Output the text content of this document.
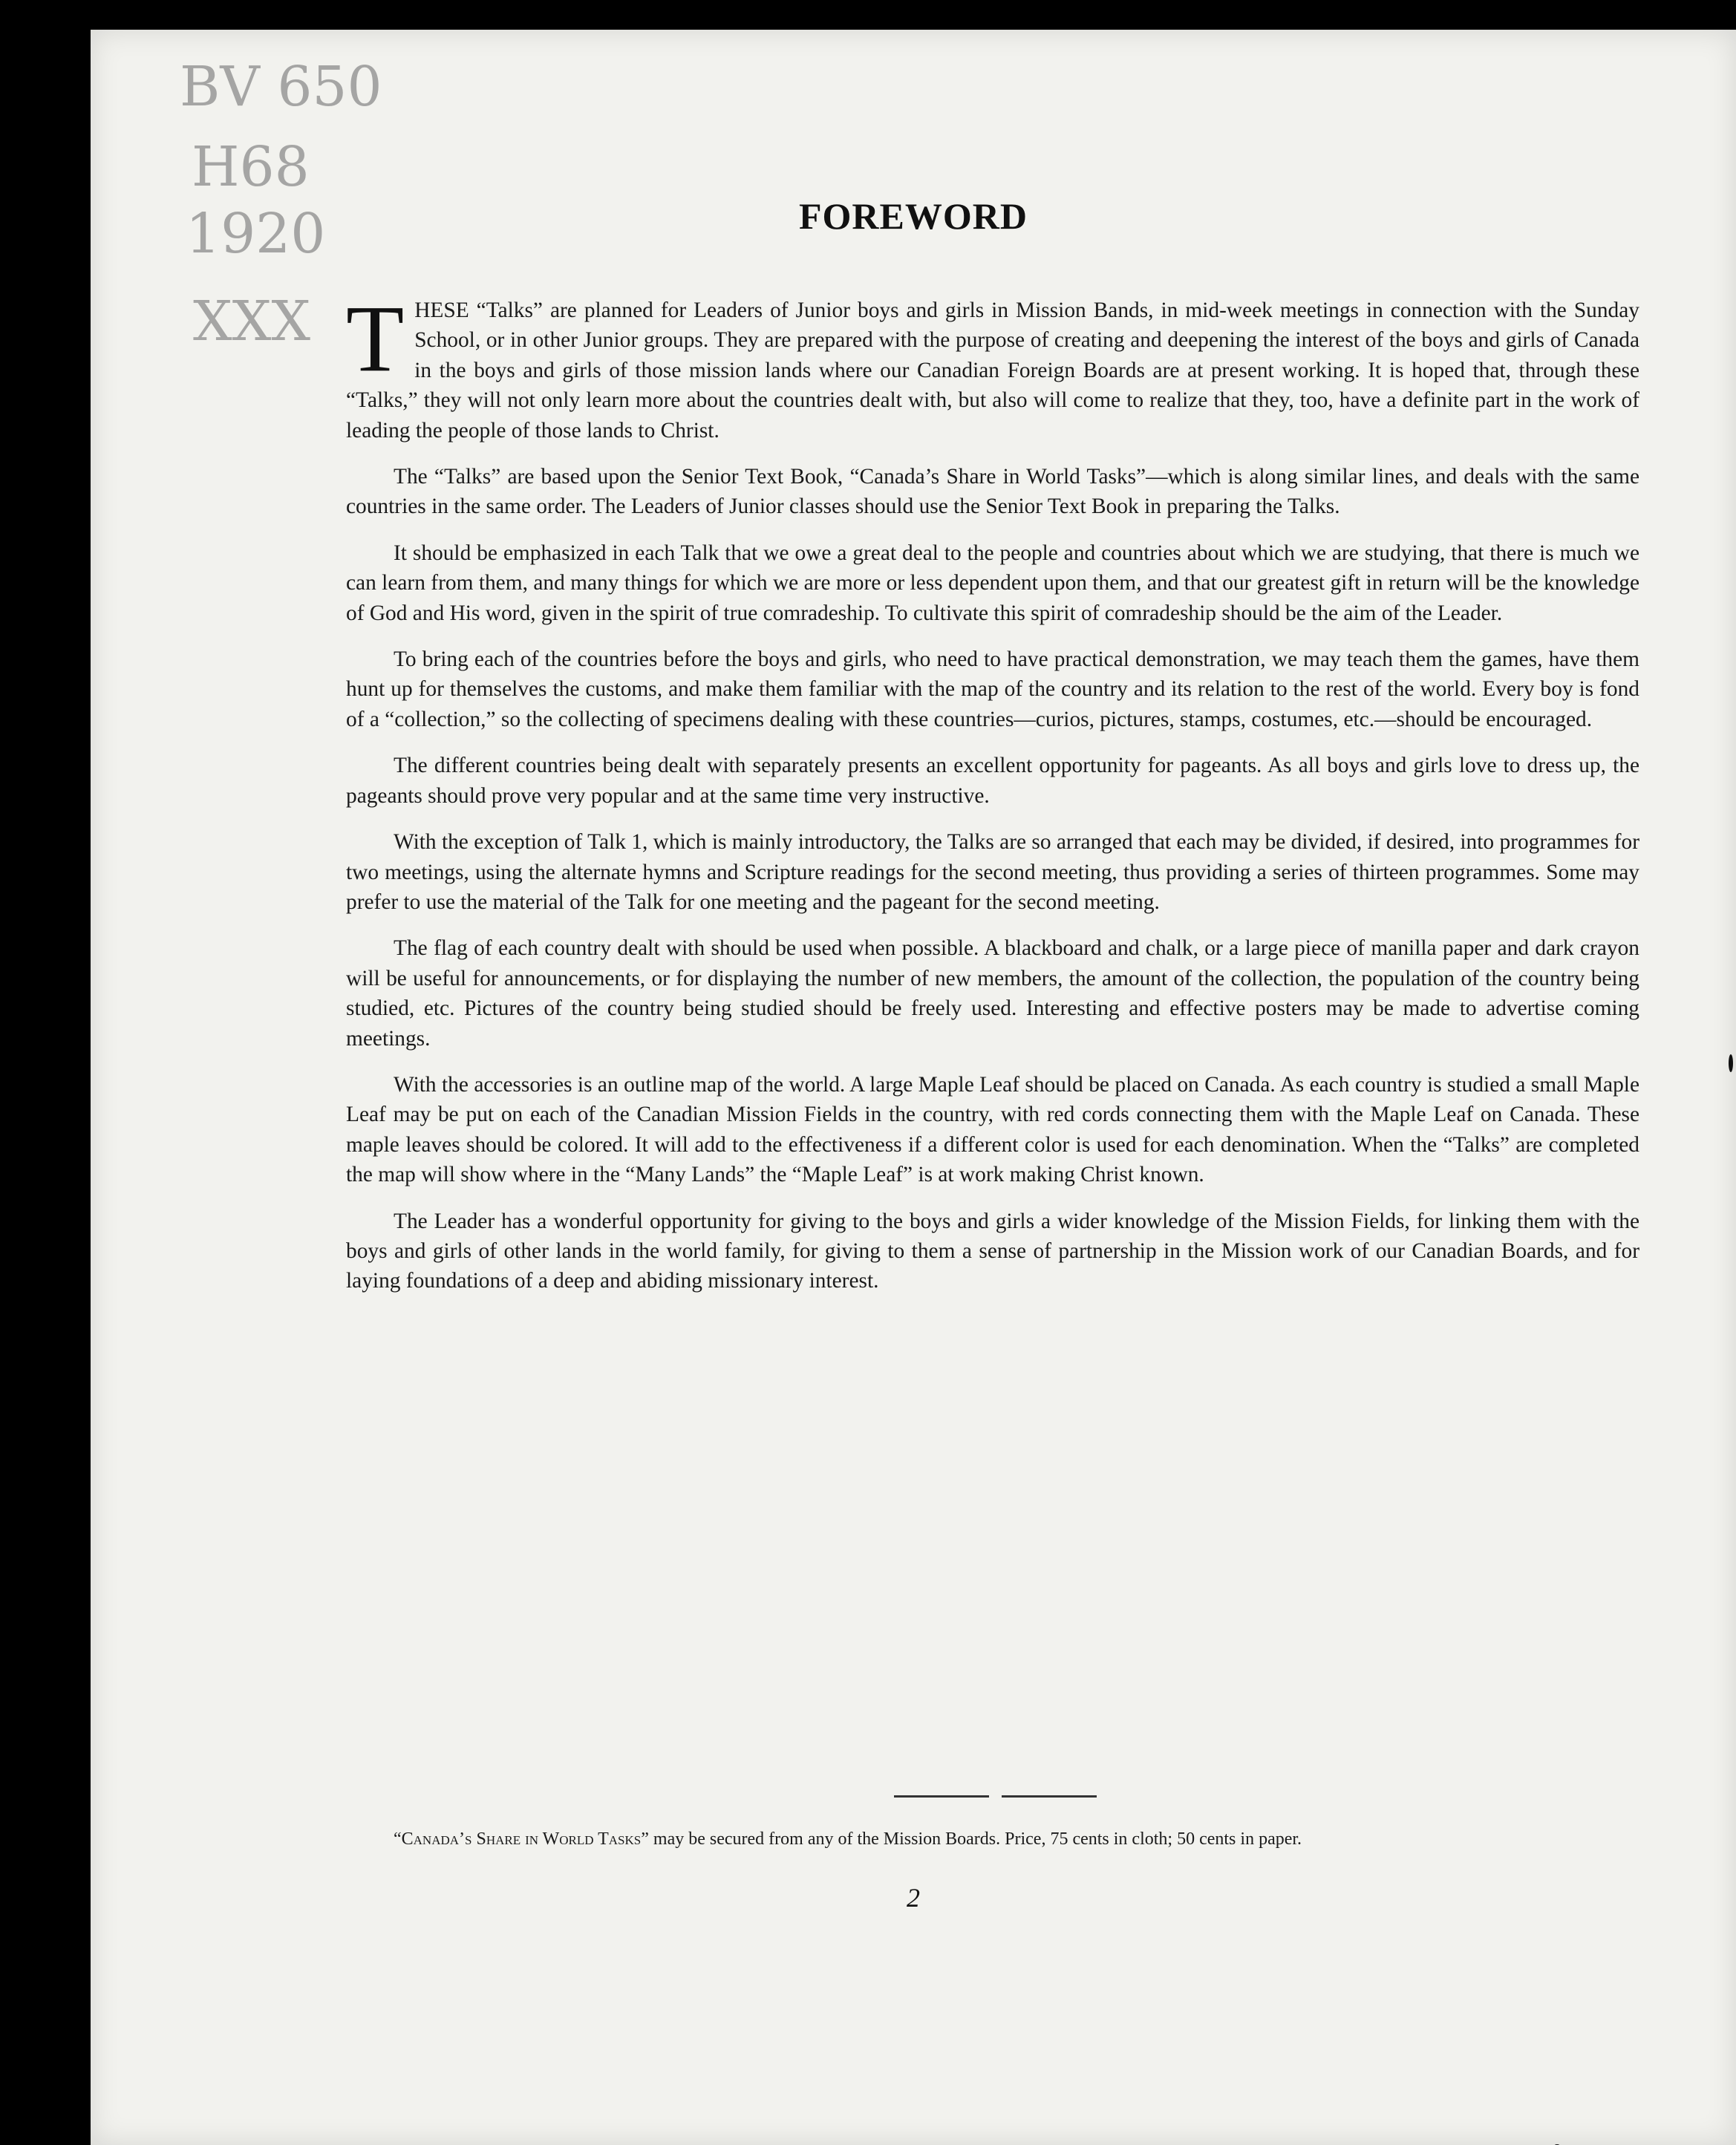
BV 650
H68
1920
XXX
FOREWORD

THESE “Talks” are planned for Leaders of Junior boys and girls in Mission Bands, in mid-week meetings in connection with the Sunday School, or in other Junior groups. They are prepared with the purpose of creating and deepening the interest of the boys and girls of Canada in the boys and girls of those mission lands where our Canadian Foreign Boards are at present working. It is hoped that, through these “Talks,” they will not only learn more about the countries dealt with, but also will come to realize that they, too, have a definite part in the work of leading the people of those lands to Christ.

The “Talks” are based upon the Senior Text Book, “Canada’s Share in World Tasks”—which is along similar lines, and deals with the same countries in the same order. The Leaders of Junior classes should use the Senior Text Book in preparing the Talks.

It should be emphasized in each Talk that we owe a great deal to the people and countries about which we are studying, that there is much we can learn from them, and many things for which we are more or less dependent upon them, and that our greatest gift in return will be the knowledge of God and His word, given in the spirit of true comradeship. To cultivate this spirit of comradeship should be the aim of the Leader.

To bring each of the countries before the boys and girls, who need to have practical demonstration, we may teach them the games, have them hunt up for themselves the customs, and make them familiar with the map of the country and its relation to the rest of the world. Every boy is fond of a “collection,” so the collecting of specimens dealing with these countries—curios, pictures, stamps, costumes, etc.—should be encouraged.

The different countries being dealt with separately presents an excellent opportunity for pageants. As all boys and girls love to dress up, the pageants should prove very popular and at the same time very instructive.

With the exception of Talk 1, which is mainly introductory, the Talks are so arranged that each may be divided, if desired, into programmes for two meetings, using the alternate hymns and Scripture readings for the second meeting, thus providing a series of thirteen programmes. Some may prefer to use the material of the Talk for one meeting and the pageant for the second meeting.

The flag of each country dealt with should be used when possible. A blackboard and chalk, or a large piece of manilla paper and dark crayon will be useful for announcements, or for displaying the number of new members, the amount of the collection, the population of the country being studied, etc. Pictures of the country being studied should be freely used. Interesting and effective posters may be made to advertise coming meetings.

With the accessories is an outline map of the world. A large Maple Leaf should be placed on Canada. As each country is studied a small Maple Leaf may be put on each of the Canadian Mission Fields in the country, with red cords connecting them with the Maple Leaf on Canada. These maple leaves should be colored. It will add to the effectiveness if a different color is used for each denomination. When the “Talks” are completed the map will show where in the “Many Lands” the “Maple Leaf” is at work making Christ known.

The Leader has a wonderful opportunity for giving to the boys and girls a wider knowledge of the Mission Fields, for linking them with the boys and girls of other lands in the world family, for giving to them a sense of partnership in the Mission work of our Canadian Boards, and for laying foundations of a deep and abiding missionary interest.

“Canada’s Share in World Tasks” may be secured from any of the Mission Boards. Price, 75 cents in cloth; 50 cents in paper.
2
